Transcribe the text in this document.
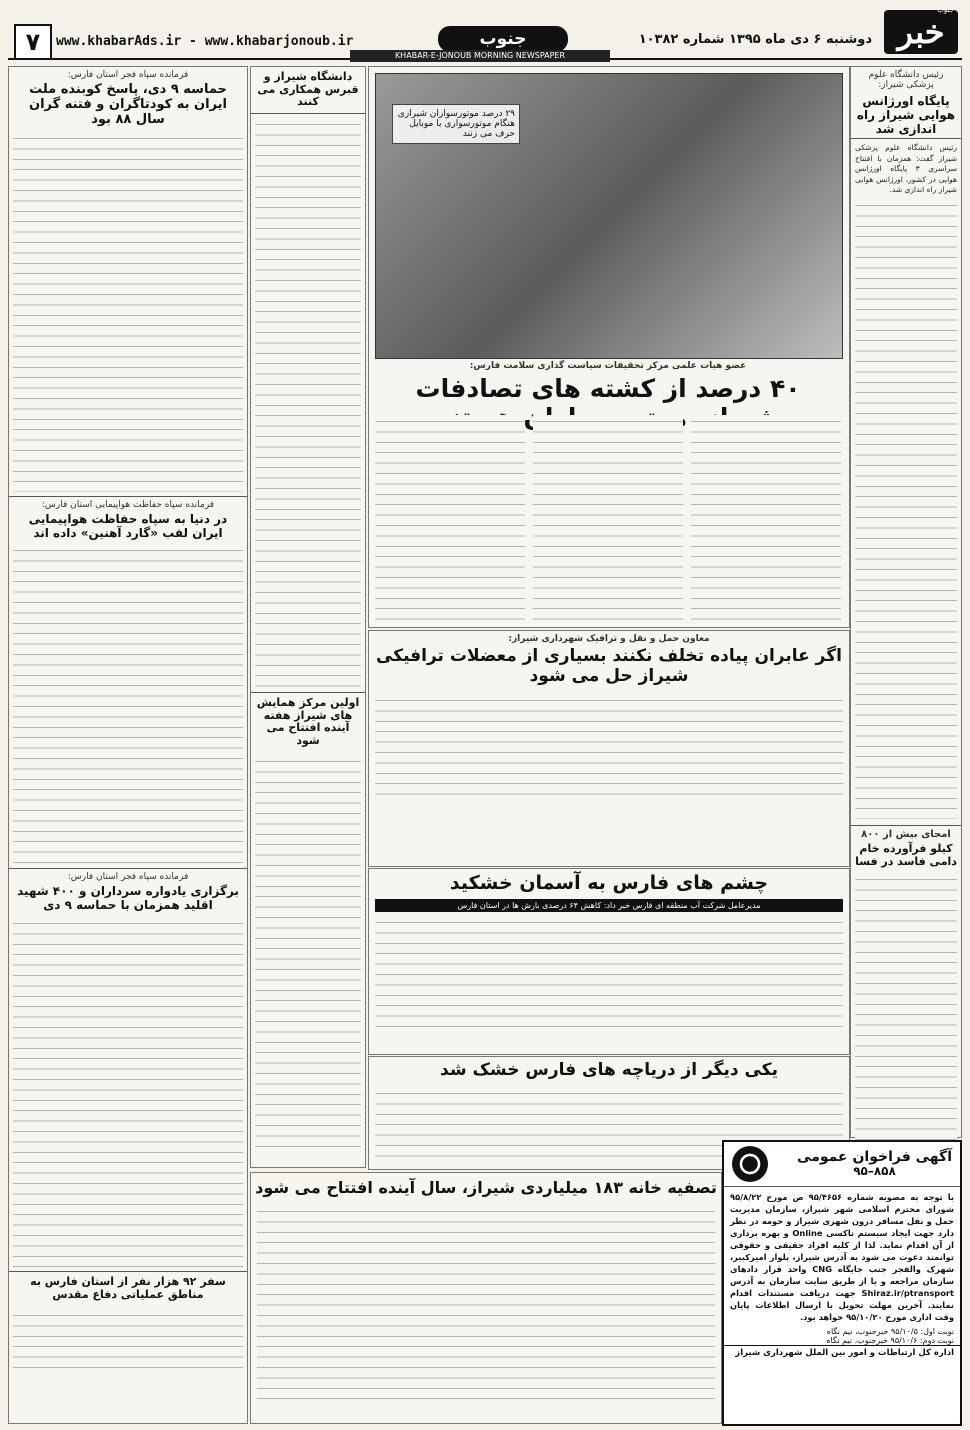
خبر
جنوب
دوشنبه ۶ دی ماه ۱۳۹۵ شماره ۱۰۳۸۲
جنوب
www.khabarAds.ir - www.khabarjonoub.ir
۷	KHABAR-E-JONOUB MORNING NEWSPAPER
رئیس دانشگاه علوم پزشکی شیراز:
پایگاه اورژانس هوایی شیراز راه اندازی شد
رئیس دانشگاه علوم پزشکی شیراز گفت: همزمان با افتتاح سراسری ۳ پایگاه اورژانس هوایی در کشور، اورژانس هوایی شیراز راه اندازی شد.
امحای بیش از ۸۰۰
کیلو فرآورده خام دامی فاسد در فسا
۲۹ درصد موتورسواران شیرازی هنگام موتورسواری با موبایل حرف می زنند
عضو هیات علمی مرکز تحقیقات سیاست گذاری سلامت فارس:
۴۰ درصد از کشته های تصادفات
معاون حمل و نقل و ترافیک شهرداری شیراز:
اگر عابران پیاده تخلف نکنند بسیاری از معضلات ترافیکی شیراز حل می شود
چشم های فارس به آسمان خشکید
مدیرعامل شرکت آب منطقه ای فارس خبر داد: کاهش ۶۴ درصدی بارش ها در استان فارس
یکی دیگر از دریاچه های فارس خشک شد
تصفیه خانه ۱۸۳ میلیاردی شیراز، سال آینده افتتاح می شود
آگهی فراخوان عمومی
۸۵۸–۹۵
با توجه به مصوبه شماره ۹۵/۴۶۵۶ ص مورخ ۹۵/۸/۲۲ شورای محترم اسلامی شهر شیراز، سازمان مدیریت حمل و نقل مسافر درون شهری شیراز و حومه در نظر دارد جهت ایجاد سیستم تاکسی Online و بهره برداری از آن اقدام نماید. لذا از کلیه افراد حقیقی و حقوقی توانمند دعوت می شود به آدرس شیراز، بلوار امیرکبیر، شهرک والفجر جنب جایگاه CNG واحد قرار دادهای سازمان مراجعه و یا از طریق سایت سازمان به آدرس Shiraz.ir/ptransport جهت دریافت مستندات اقدام نمایند. آخرین مهلت تحویل با ارسال اطلاعات پایان وقت اداری مورخ ۹۵/۱۰/۲۰ خواهد بود.
نوبت اول: ۹۵/۱۰/۵ خبرجنوب، نیم نگاه
نوبت دوم: ۹۵/۱۰/۶ خبرجنوب، نیم نگاه
اداره کل ارتباطات و امور بین الملل شهرداری شیراز
دانشگاه شیراز و قبرس همکاری می کنند
اولین مرکز همایش های شیراز هفته آینده افتتاح می شود
فرمانده سپاه فجر استان فارس:
حماسه ۹ دی، پاسخ کوبنده ملت ایران به کودتاگران و فتنه گران سال ۸۸ بود
فرمانده سپاه حفاظت هواپیمایی استان فارس:
در دنیا به سپاه حفاظت هواپیمایی ایران لقب «گارد آهنین» داده اند
فرمانده سپاه فجر استان فارس:
برگزاری یادواره سرداران و ۴۰۰ شهید اقلید همزمان با حماسه ۹ دی
سفر ۹۲ هزار نفر از استان فارس به مناطق عملیاتی دفاع مقدس
